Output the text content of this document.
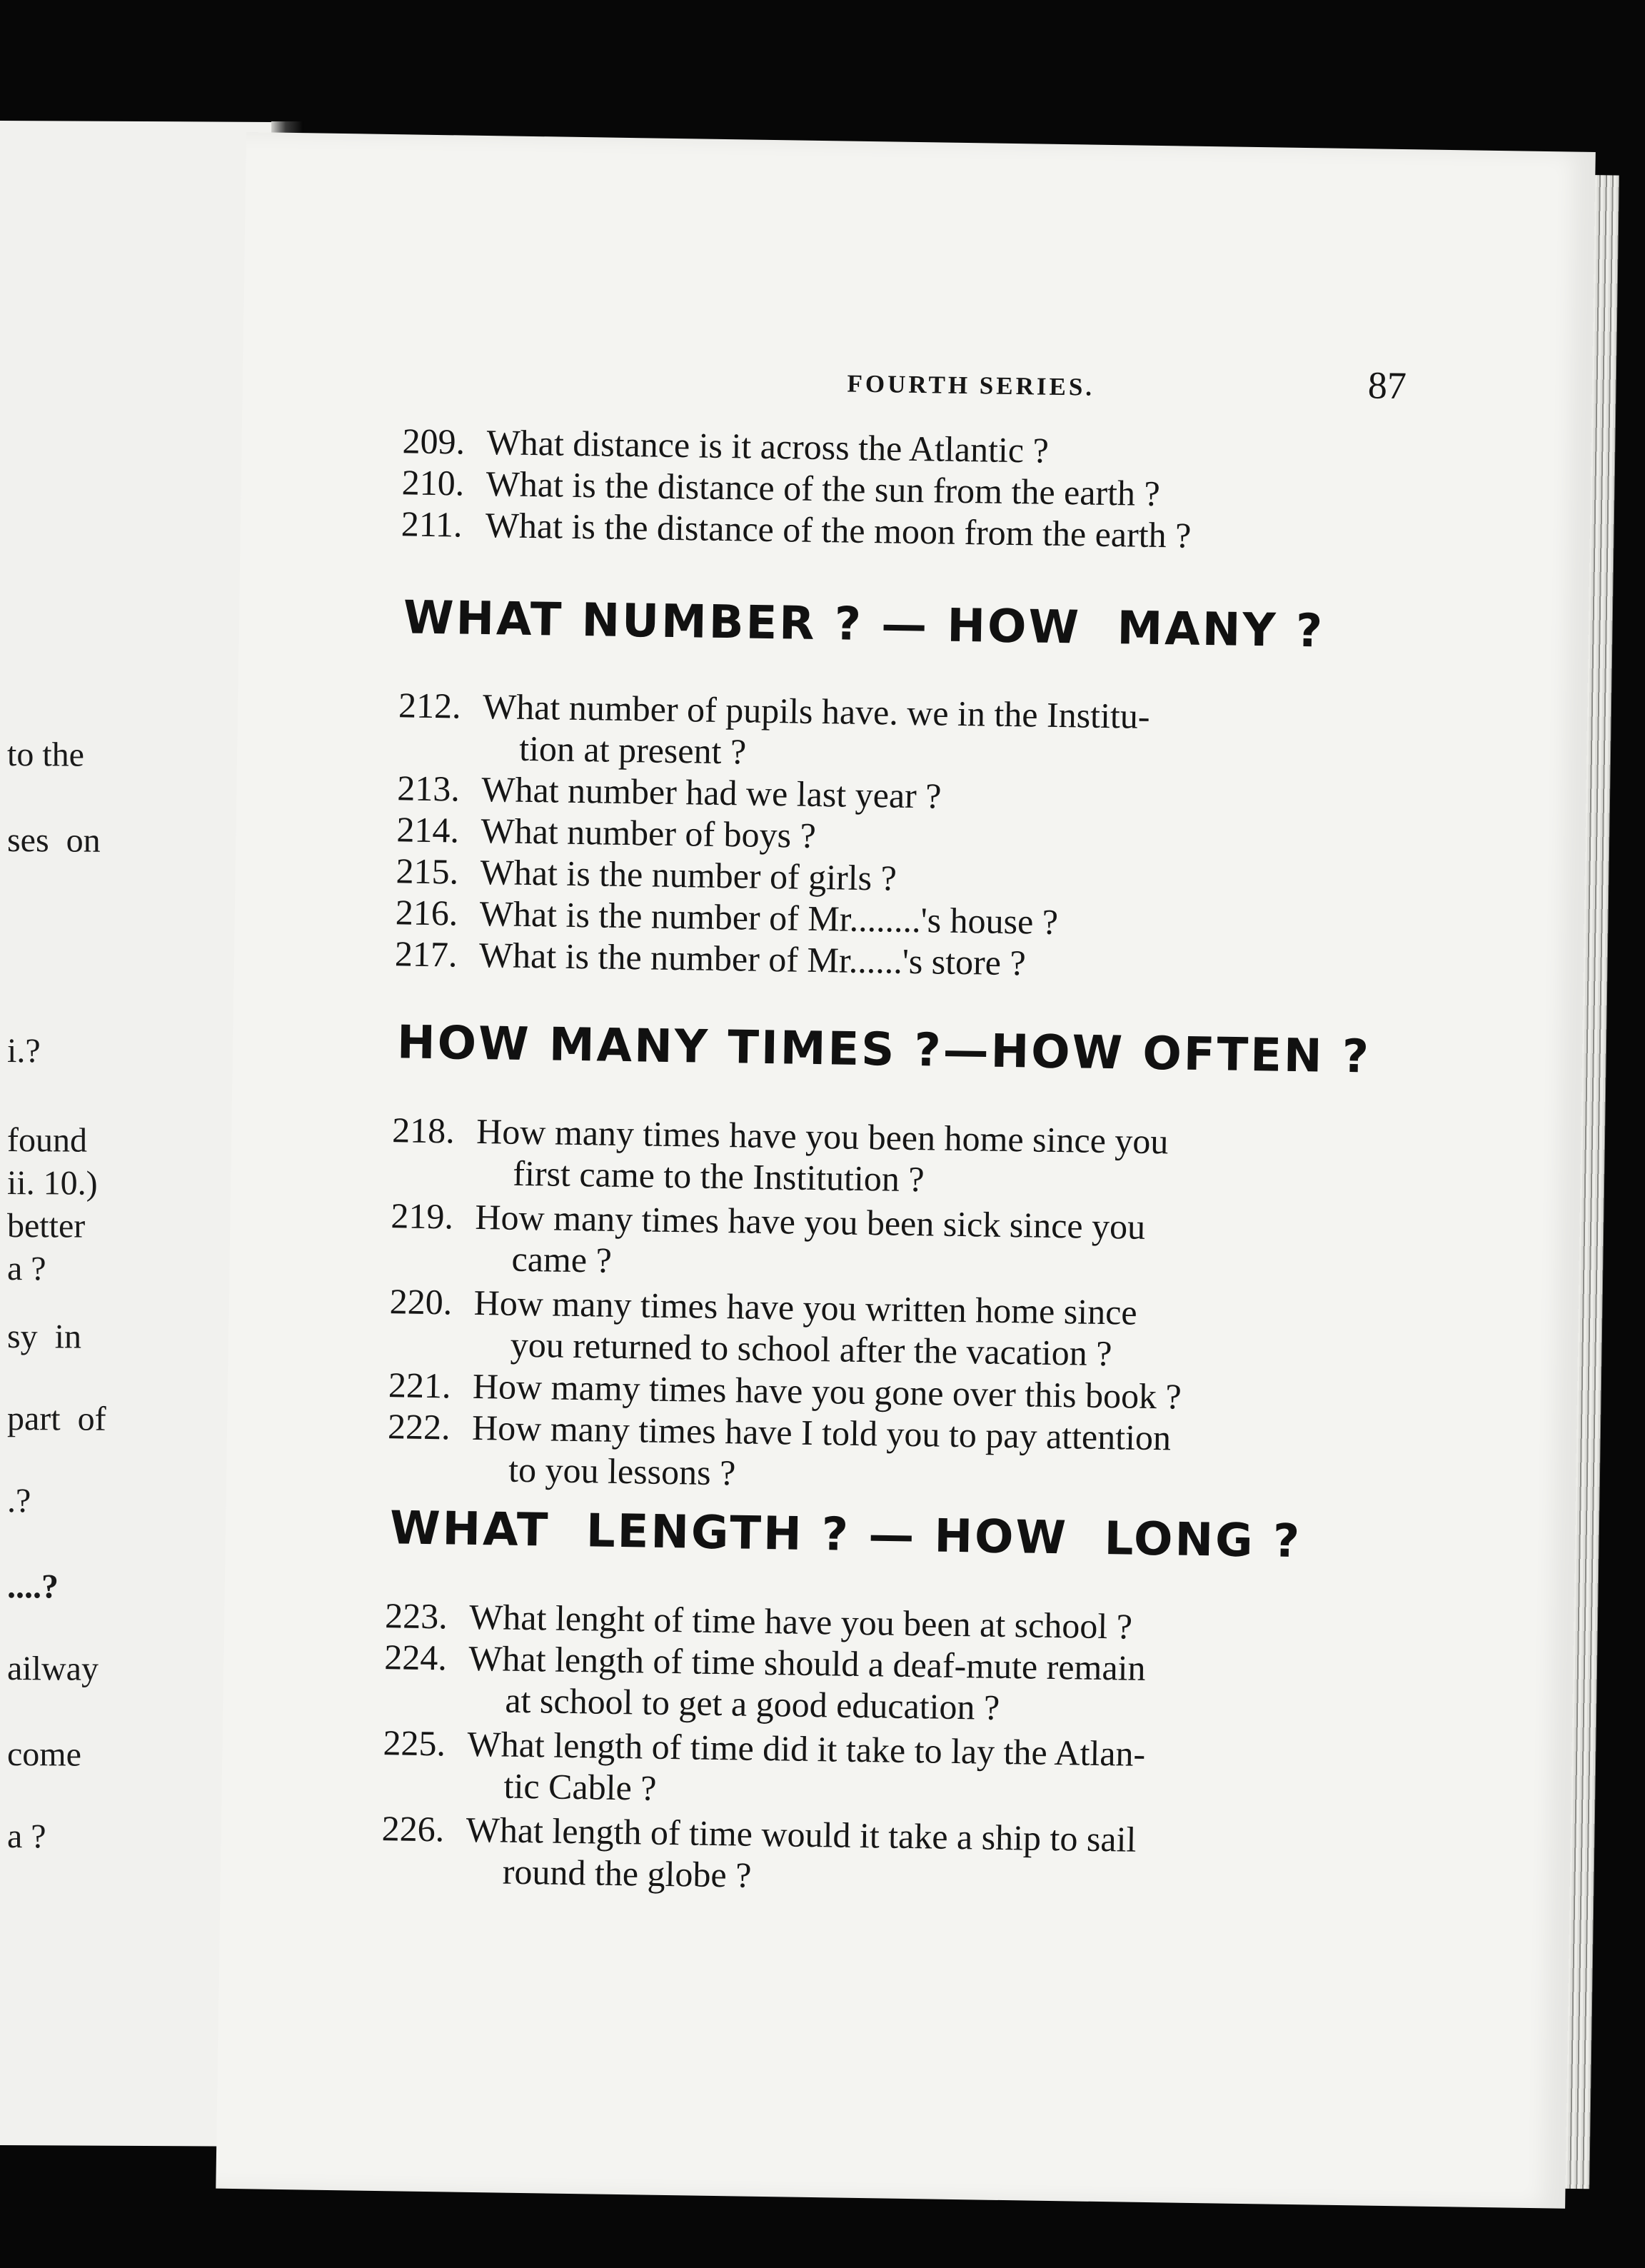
to the
ses  on
i.?
found
ii. 10.)
better
a ?
sy  in
part  of
.?
....?
ailway
come
a ?
FOURTH SERIES.	87
209. What distance is it across the Atlantic ?
210. What is the distance of the sun from the earth ?
211. What is the distance of the moon from the earth ?
WHAT NUMBER ? — HOW  MANY ?
212. What number of pupils have. we in the Institu-
tion at present ?
213. What number had we last year ?
214. What number of boys ?
215. What is the number of girls ?
216. What is the number of Mr........'s house ?
217. What is the number of Mr......'s store ?
HOW MANY TIMES ?—HOW OFTEN ?
218. How many times have you been home since you
first came to the Institution ?
219. How many times have you been sick since you
came ?
220. How many times have you written home since
you returned to school after the vacation ?
221. How mamy times have you gone over this book ?
222. How many times have I told you to pay attention
to you lessons ?
WHAT  LENGTH ? — HOW  LONG ?
223. What lenght of time have you been at school ?
224. What length of time should a deaf-mute remain
at school to get a good education ?
225. What length of time did it take to lay the Atlan-
tic Cable ?
226. What length of time would it take a ship to sail
round the globe ?
